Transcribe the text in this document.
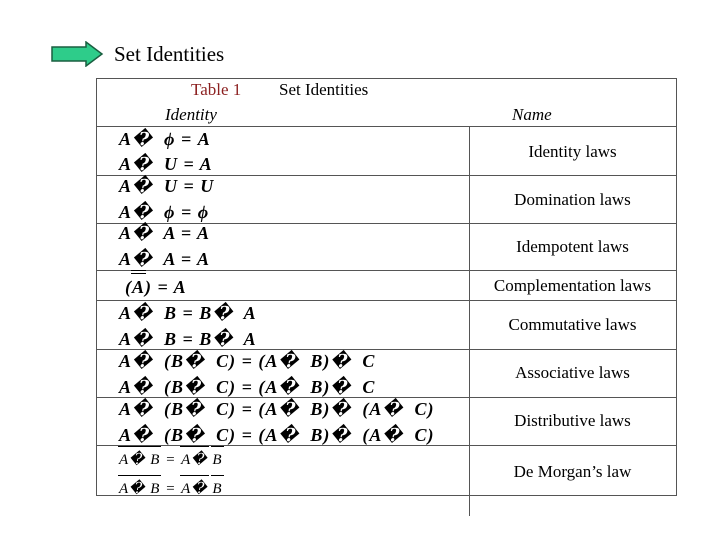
Set Identities
Table 1 Set Identities
Identity	Name
A�  ϕ = A
A�  U = A
Identity laws
A�  U = U
A�  ϕ = ϕ
Domination laws
A�  A = A
A�  A = A
Idempotent laws
(A) = A	Complementation laws
A�  B = B�  A
A�  B = B�  A
Commutative laws
A�  (B�  C) = (A�  B)�  C
A�  (B�  C) = (A�  B)�  C
Associative laws
A�  (B�  C) = (A�  B)�  (A�  C)
A�  (B�  C) = (A�  B)�  (A�  C)
Distributive laws
A� B = A� B
A� B = A� B
De Morgan’s law
